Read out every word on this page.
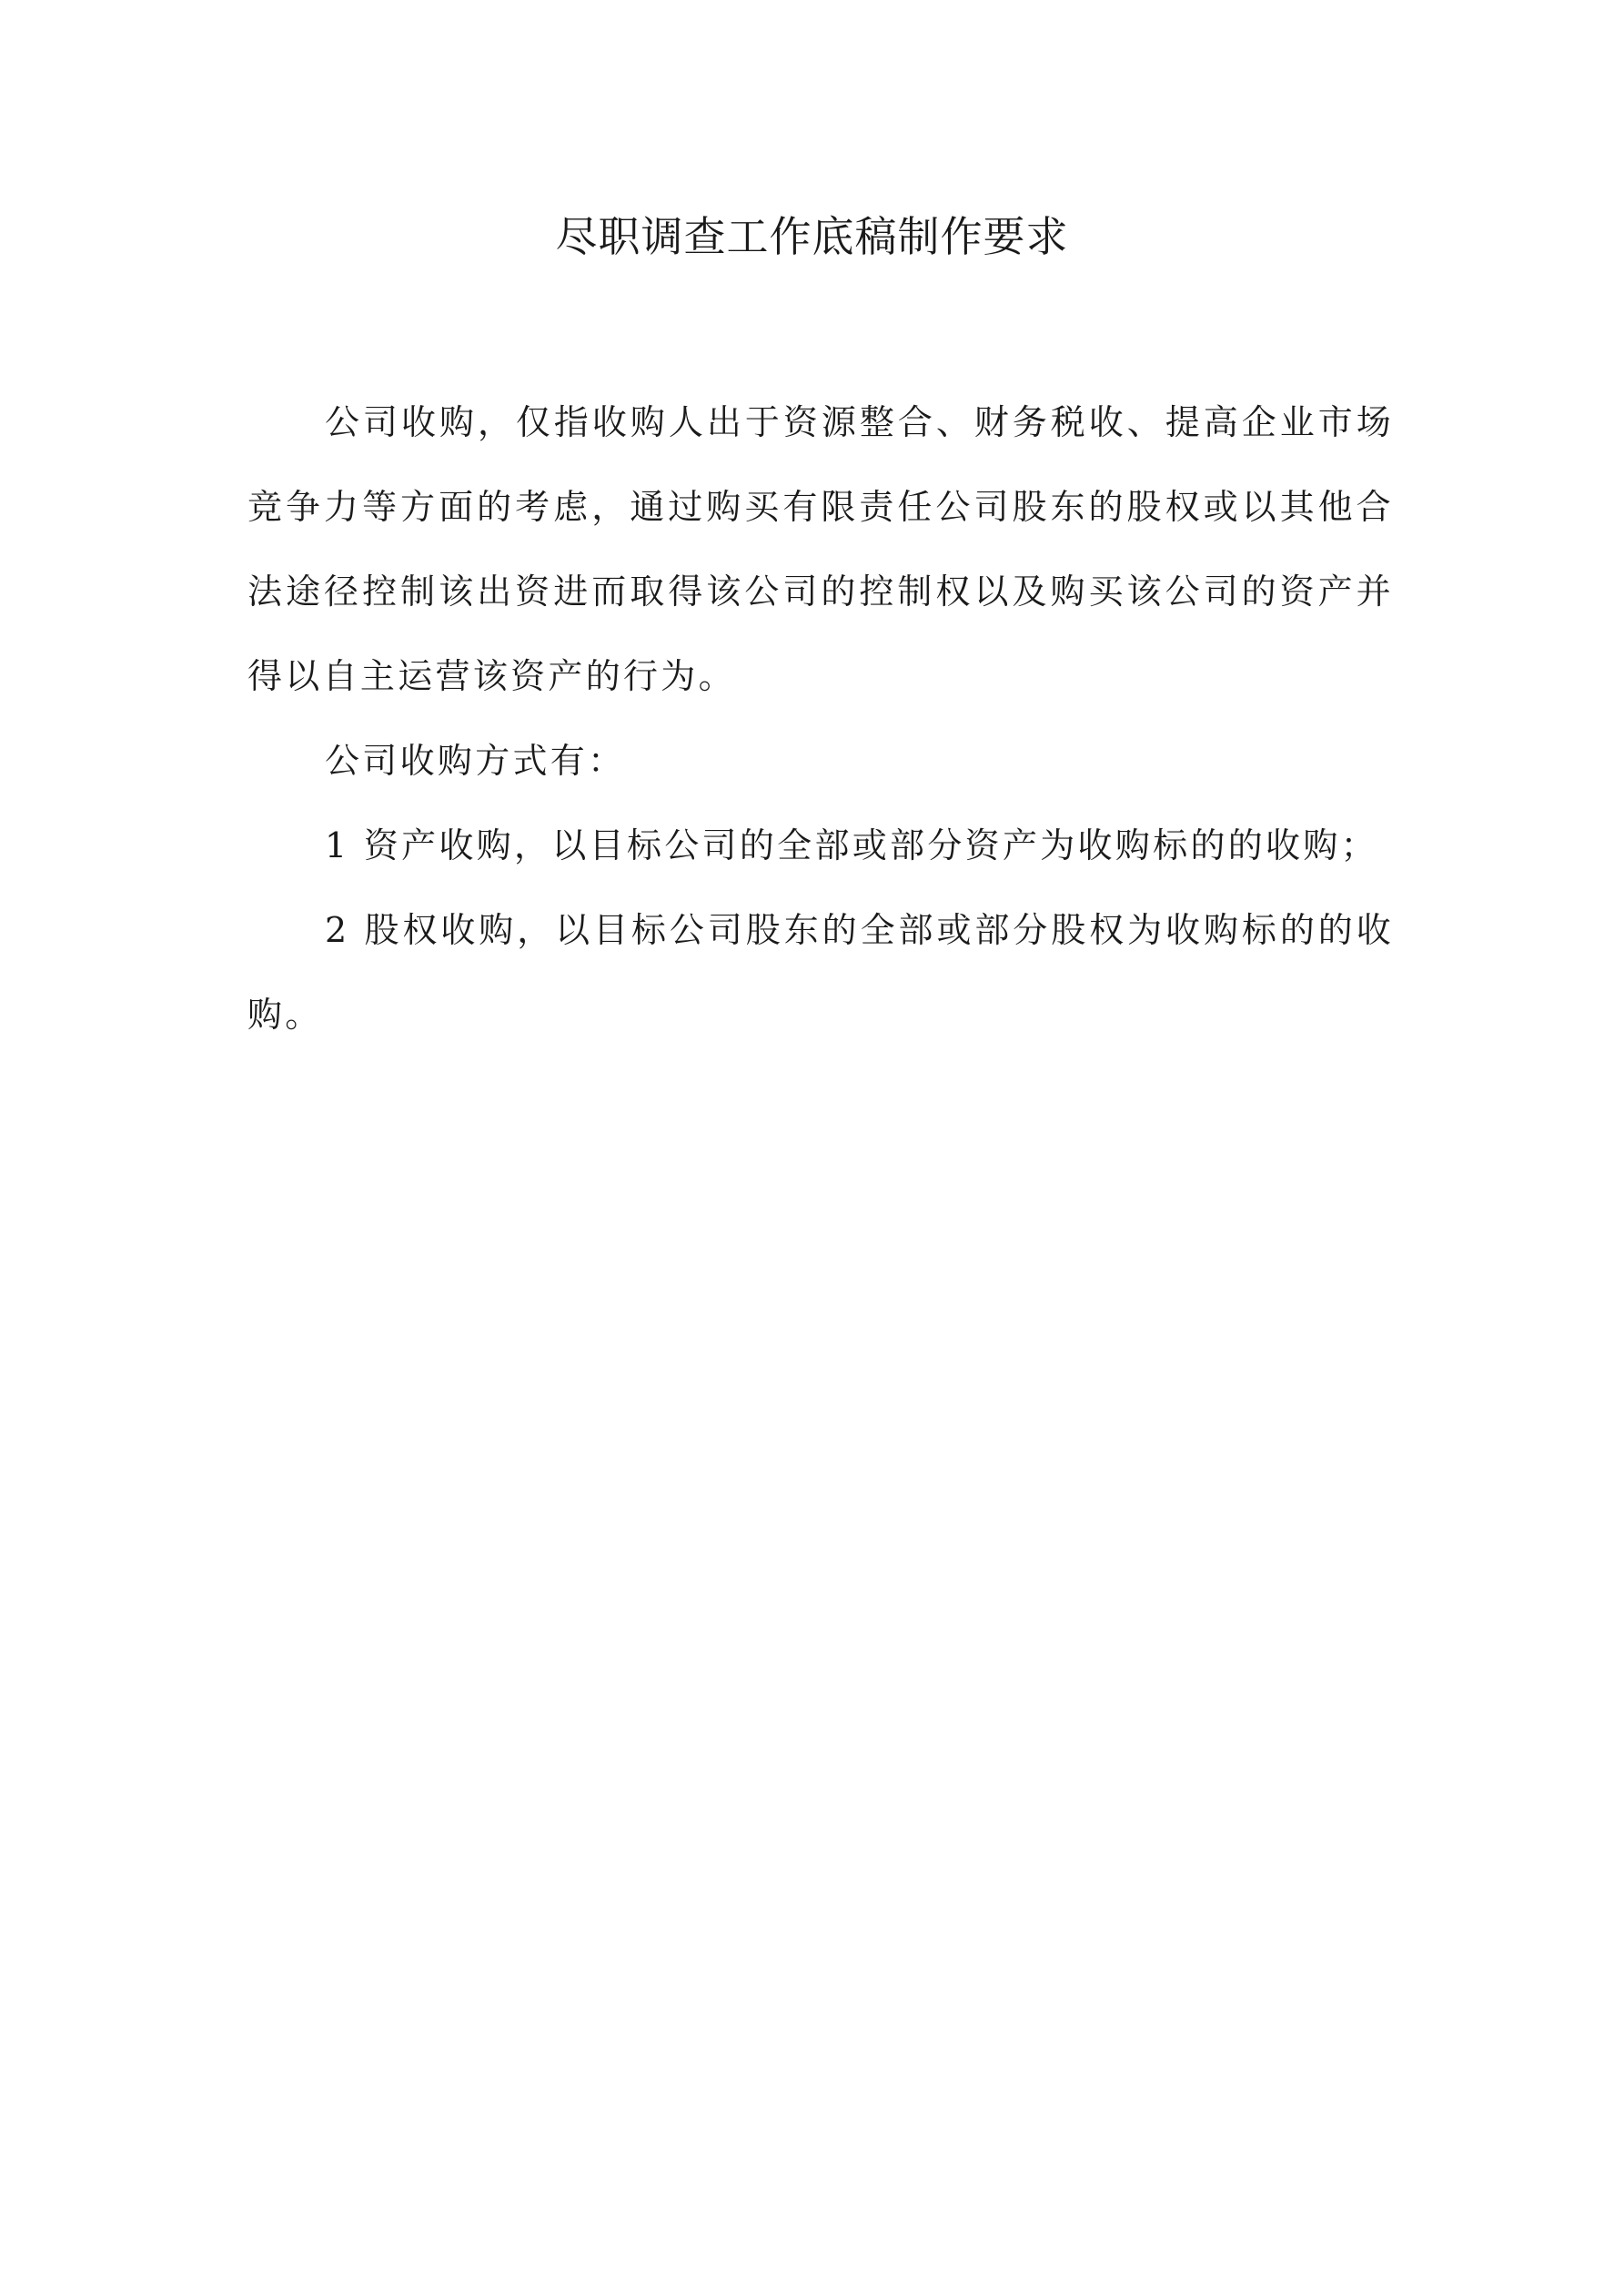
尽职调查工作底稿制作要求

公司收购，仅指收购人出于资源整合、财务税收、提高企业市场竞争力等方面的考虑，通过购买有限责任公司股东的股权或以其他合法途径控制该出资进而取得该公司的控制权以及购买该公司的资产并得以自主运营该资产的行为。

公司收购方式有：

1 资产收购，以目标公司的全部或部分资产为收购标的的收购；

2 股权收购，以目标公司股东的全部或部分股权为收购标的的收购。
